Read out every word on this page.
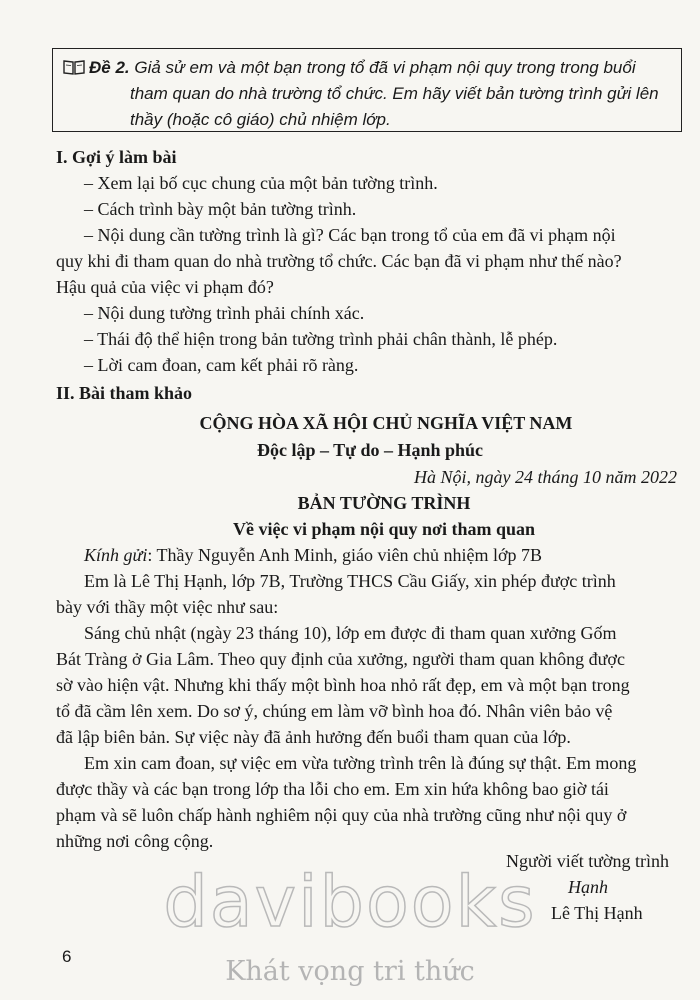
Đề 2. Giả sử em và một bạn trong tổ đã vi phạm nội quy trong trong buổi
tham quan do nhà trường tổ chức. Em hãy viết bản tường trình gửi lên
thầy (hoặc cô giáo) chủ nhiệm lớp.
I. Gợi ý làm bài
– Xem lại bố cục chung của một bản tường trình.
– Cách trình bày một bản tường trình.
– Nội dung cần tường trình là gì? Các bạn trong tổ của em đã vi phạm nội
quy khi đi tham quan do nhà trường tổ chức. Các bạn đã vi phạm như thế nào?
Hậu quả của việc vi phạm đó?
– Nội dung tường trình phải chính xác.
– Thái độ thể hiện trong bản tường trình phải chân thành, lễ phép.
– Lời cam đoan, cam kết phải rõ ràng.
II. Bài tham khảo
CỘNG HÒA XÃ HỘI CHỦ NGHĨA VIỆT NAM
Độc lập – Tự do – Hạnh phúc
Hà Nội, ngày 24 tháng 10 năm 2022
BẢN TƯỜNG TRÌNH
Về việc vi phạm nội quy nơi tham quan
Kính gửi: Thầy Nguyễn Anh Minh, giáo viên chủ nhiệm lớp 7B
Em là Lê Thị Hạnh, lớp 7B, Trường THCS Cầu Giấy, xin phép được trình
bày với thầy một việc như sau:
Sáng chủ nhật (ngày 23 tháng 10), lớp em được đi tham quan xưởng Gốm
Bát Tràng ở Gia Lâm. Theo quy định của xưởng, người tham quan không được
sờ vào hiện vật. Nhưng khi thấy một bình hoa nhỏ rất đẹp, em và một bạn trong
tổ đã cầm lên xem. Do sơ ý, chúng em làm vỡ bình hoa đó. Nhân viên bảo vệ
đã lập biên bản. Sự việc này đã ảnh hưởng đến buổi tham quan của lớp.
Em xin cam đoan, sự việc em vừa tường trình trên là đúng sự thật. Em mong
được thầy và các bạn trong lớp tha lỗi cho em. Em xin hứa không bao giờ tái
phạm và sẽ luôn chấp hành nghiêm nội quy của nhà trường cũng như nội quy ở
những nơi công cộng.
Người viết tường trình
Hạnh
davibooks Lê Thị Hạnh
Khát vọng tri thức
6
